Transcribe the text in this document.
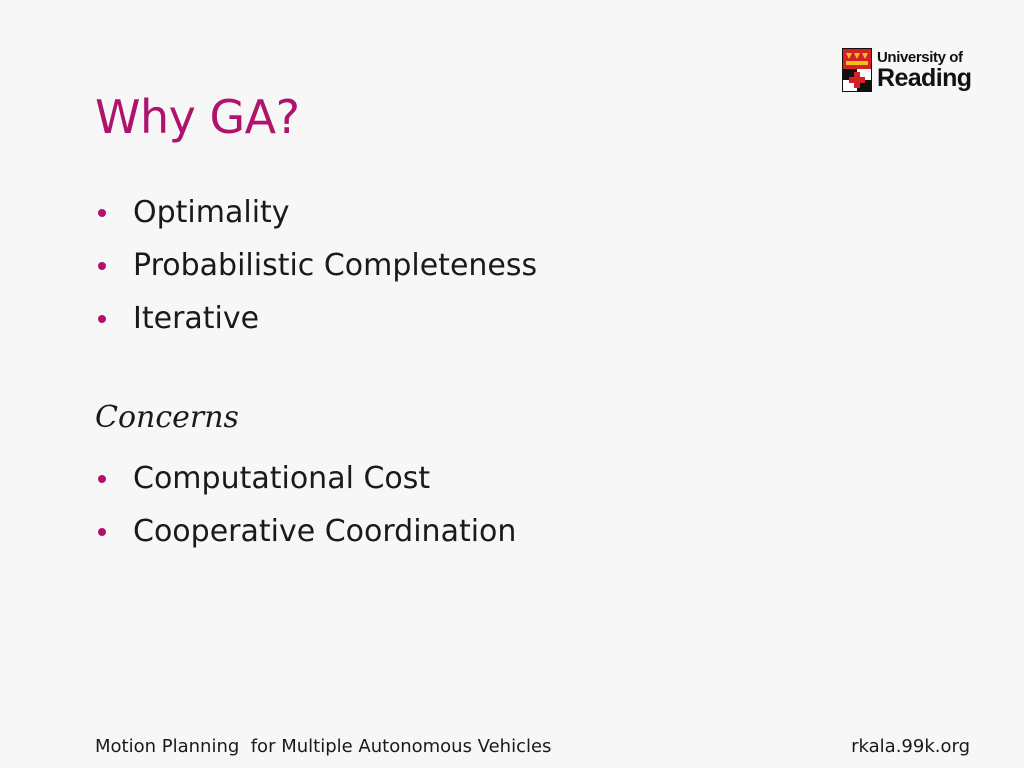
Why GA?
University of
Reading
Optimality
Probabilistic Completeness
Iterative

Concerns

Computational Cost
Cooperative Coordination
Motion Planning  for Multiple Autonomous Vehicles	rkala.99k.org
